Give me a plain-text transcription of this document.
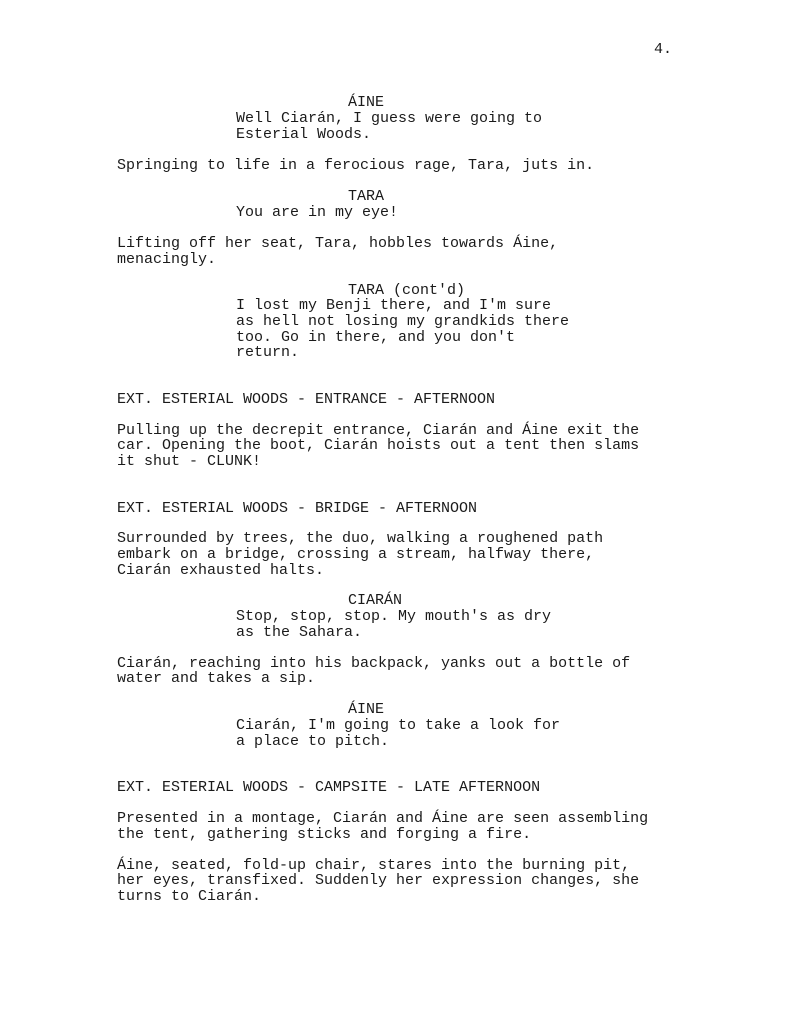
4.
ÁINE
Well Ciarán, I guess were going to
Esterial Woods.
Springing to life in a ferocious rage, Tara, juts in.
TARA
You are in my eye!
Lifting off her seat, Tara, hobbles towards Áine,
menacingly.
TARA (cont'd)
I lost my Benji there, and I'm sure
as hell not losing my grandkids there
too. Go in there, and you don't
return.
EXT. ESTERIAL WOODS - ENTRANCE - AFTERNOON
Pulling up the decrepit entrance, Ciarán and Áine exit the
car. Opening the boot, Ciarán hoists out a tent then slams
it shut - CLUNK!
EXT. ESTERIAL WOODS - BRIDGE - AFTERNOON
Surrounded by trees, the duo, walking a roughened path
embark on a bridge, crossing a stream, halfway there,
Ciarán exhausted halts.
CIARÁN
Stop, stop, stop. My mouth's as dry
as the Sahara.
Ciarán, reaching into his backpack, yanks out a bottle of
water and takes a sip.
ÁINE
Ciarán, I'm going to take a look for
a place to pitch.
EXT. ESTERIAL WOODS - CAMPSITE - LATE AFTERNOON
Presented in a montage, Ciarán and Áine are seen assembling
the tent, gathering sticks and forging a fire.
Áine, seated, fold-up chair, stares into the burning pit,
her eyes, transfixed. Suddenly her expression changes, she
turns to Ciarán.
